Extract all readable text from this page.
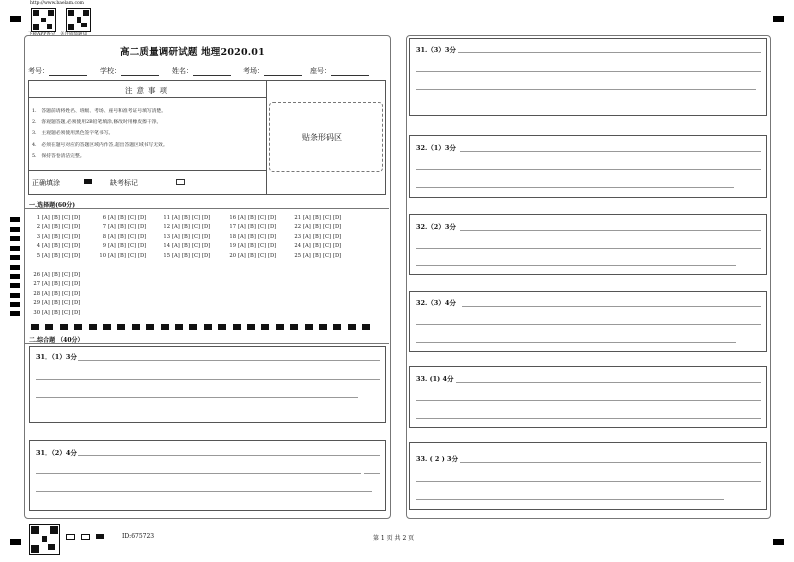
http://www.baelam.com
下载APP查分 关注成绩通知
高二质量调研试题 地理2020.01
考号：	学校：	姓名：	考场：	座号：
注意事项
1.　答题前请将姓名、班级、考场、座号和准考证号填写清楚。
2.　客观题答题,必须使用2B铅笔填涂,修改时用橡皮擦干净。
3.　主观题必须使用黑色签字笔书写。
4.　必须在题号对应的答题区域内作答,超出答题区域书写无效。
5.　保持答卷清洁完整。
贴条形码区
正确填涂	缺考标记
一.选择题(60分)
1 [A] [B] [C] [D]	6 [A] [B] [C] [D]	11 [A] [B] [C] [D]	16 [A] [B] [C] [D]	21 [A] [B] [C] [D]
2 [A] [B] [C] [D]	7 [A] [B] [C] [D]	12 [A] [B] [C] [D]	17 [A] [B] [C] [D]	22 [A] [B] [C] [D]
3 [A] [B] [C] [D]	8 [A] [B] [C] [D]	13 [A] [B] [C] [D]	18 [A] [B] [C] [D]	23 [A] [B] [C] [D]
4 [A] [B] [C] [D]	9 [A] [B] [C] [D]	14 [A] [B] [C] [D]	19 [A] [B] [C] [D]	24 [A] [B] [C] [D]
5 [A] [B] [C] [D]	10 [A] [B] [C] [D]	15 [A] [B] [C] [D]	20 [A] [B] [C] [D]	25 [A] [B] [C] [D]
26 [A] [B] [C] [D]
27 [A] [B] [C] [D]
28 [A] [B] [C] [D]
29 [A] [B] [C] [D]
30 [A] [B] [C] [D]
二.综合题 （40分）
31．（1）3分
31．（2）4分
31.（3）3分
32.（1）3分
32.（2）3分
32.（3）4分
33. (1) 4分
33. ( 2 ) 3分
ID:675723	第 1 页 共 2 页
